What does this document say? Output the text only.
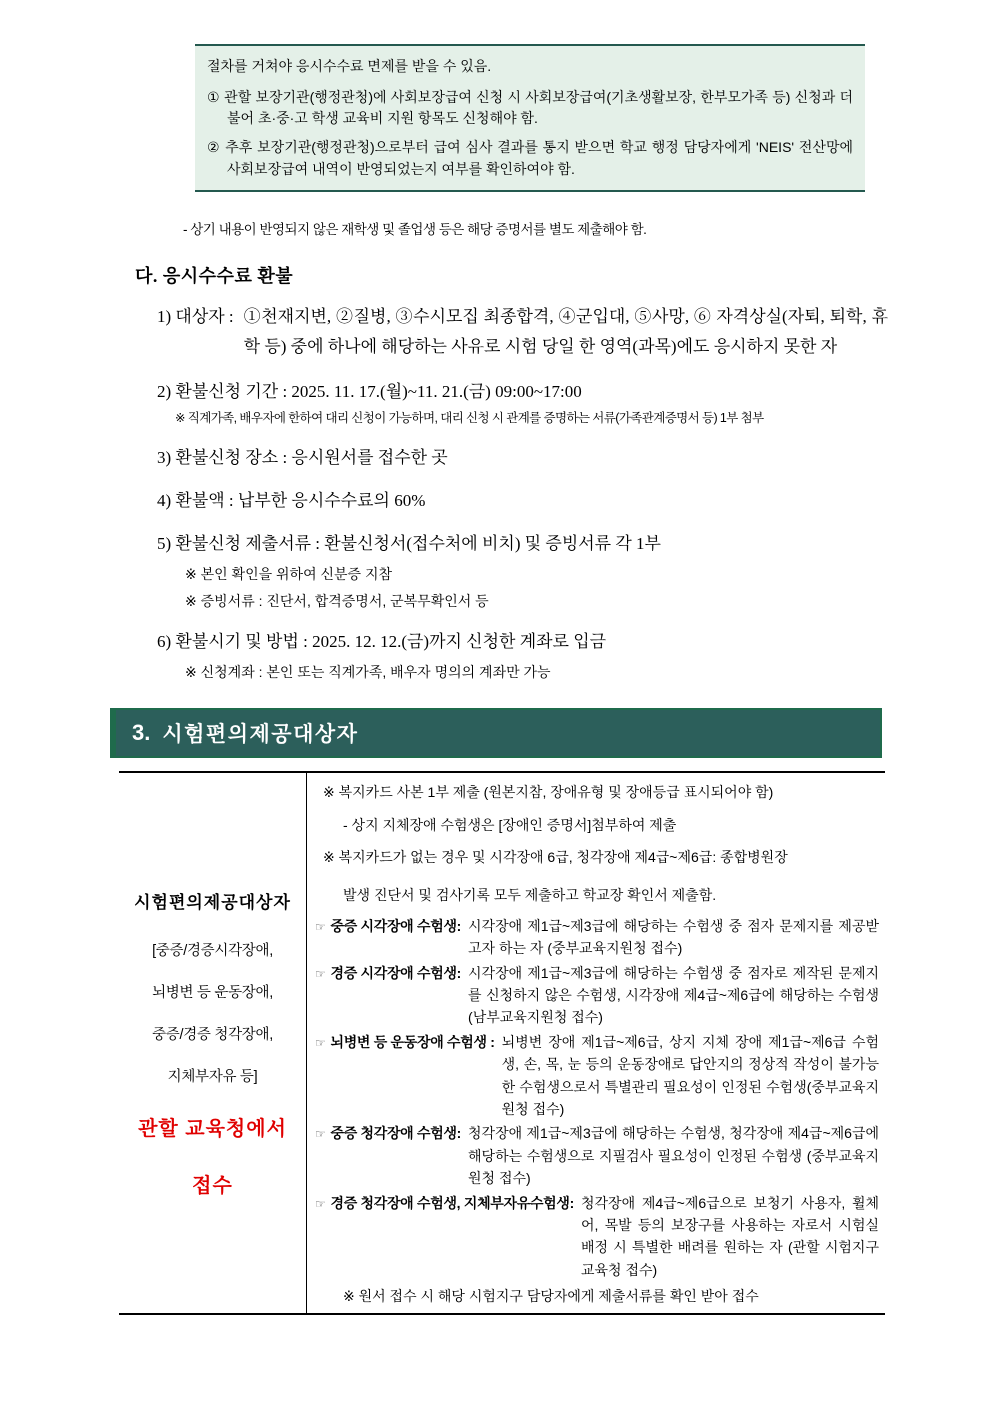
절차를 거쳐야 응시수수료 면제를 받을 수 있음.

① 관할 보장기관(행정관청)에 사회보장급여 신청 시 사회보장급여(기초생활보장, 한부모가족 등) 신청과 더불어 초·중·고 학생 교육비 지원 항목도 신청해야 함.

② 추후 보장기관(행정관청)으로부터 급여 심사 결과를 통지 받으면 학교 행정 담당자에게 'NEIS' 전산망에 사회보장급여 내역이 반영되었는지 여부를 확인하여야 함.

- 상기 내용이 반영되지 않은 재학생 및 졸업생 등은 해당 증명서를 별도 제출해야 함.

다. 응시수수료 환불
1) 대상자 : ①천재지변, ②질병, ③수시모집 최종합격, ④군입대, ⑤사망, ⑥ 자격상실(자퇴, 퇴학, 휴학 등) 중에 하나에 해당하는 사유로 시험 당일 한 영역(과목)에도 응시하지 못한 자

2) 환불신청 기간 : 2025. 11. 17.(월)~11. 21.(금) 09:00~17:00

※ 직계가족, 배우자에 한하여 대리 신청이 가능하며, 대리 신청 시 관계를 증명하는 서류(가족관계증명서 등) 1부 첨부

3) 환불신청 장소 : 응시원서를 접수한 곳

4) 환불액 : 납부한 응시수수료의 60%

5) 환불신청 제출서류 : 환불신청서(접수처에 비치) 및 증빙서류 각 1부

※ 본인 확인을 위하여 신분증 지참

※ 증빙서류 : 진단서, 합격증명서, 군복무확인서 등

6) 환불시기 및 방법 : 2025. 12. 12.(금)까지 신청한 계좌로 입금

※ 신청계좌 : 본인 또는 직계가족, 배우자 명의의 계좌만 가능

3. 시험편의제공대상자

시험편의제공대상자

[중증/경증시각장애,

뇌병변 등 운동장애,

중증/경증 청각장애,

지체부자유 등]

관할 교육청에서

접수

※ 복지카드 사본 1부 제출 (원본지참, 장애유형 및 장애등급 표시되어야 함)

- 상지 지체장애 수험생은 [장애인 증명서]첨부하여 제출

※ 복지카드가 없는 경우 및 시각장애 6급, 청각장애 제4급~제6급: 종합병원장

발생 진단서 및 검사기록 모두 제출하고 학교장 확인서 제출함.

☞ 중증 시각장애 수험생: 시각장애 제1급~제3급에 해당하는 수험생 중 점자 문제지를 제공받고자 하는 자 (중부교육지원청 접수)
☞ 경증 시각장애 수험생: 시각장애 제1급~제3급에 해당하는 수험생 중 점자로 제작된 문제지를 신청하지 않은 수험생, 시각장애 제4급~제6급에 해당하는 수험생 (남부교육지원청 접수)
☞ 뇌병변 등 운동장애 수험생 : 뇌병변 장애 제1급~제6급, 상지 지체 장애 제1급~제6급 수험생, 손, 목, 눈 등의 운동장애로 답안지의 정상적 작성이 불가능한 수험생으로서 특별관리 필요성이 인정된 수험생(중부교육지원청 접수)
☞ 중증 청각장애 수험생: 청각장애 제1급~제3급에 해당하는 수험생, 청각장애 제4급~제6급에 해당하는 수험생으로 지필검사 필요성이 인정된 수험생 (중부교육지원청 접수)
☞ 경증 청각장애 수험생, 지체부자유수험생: 청각장애 제4급~제6급으로 보청기 사용자, 휠체어, 목발 등의 보장구를 사용하는 자로서 시험실 배정 시 특별한 배려를 원하는 자 (관할 시험지구교육청 접수)

※ 원서 접수 시 해당 시험지구 담당자에게 제출서류를 확인 받아 접수
